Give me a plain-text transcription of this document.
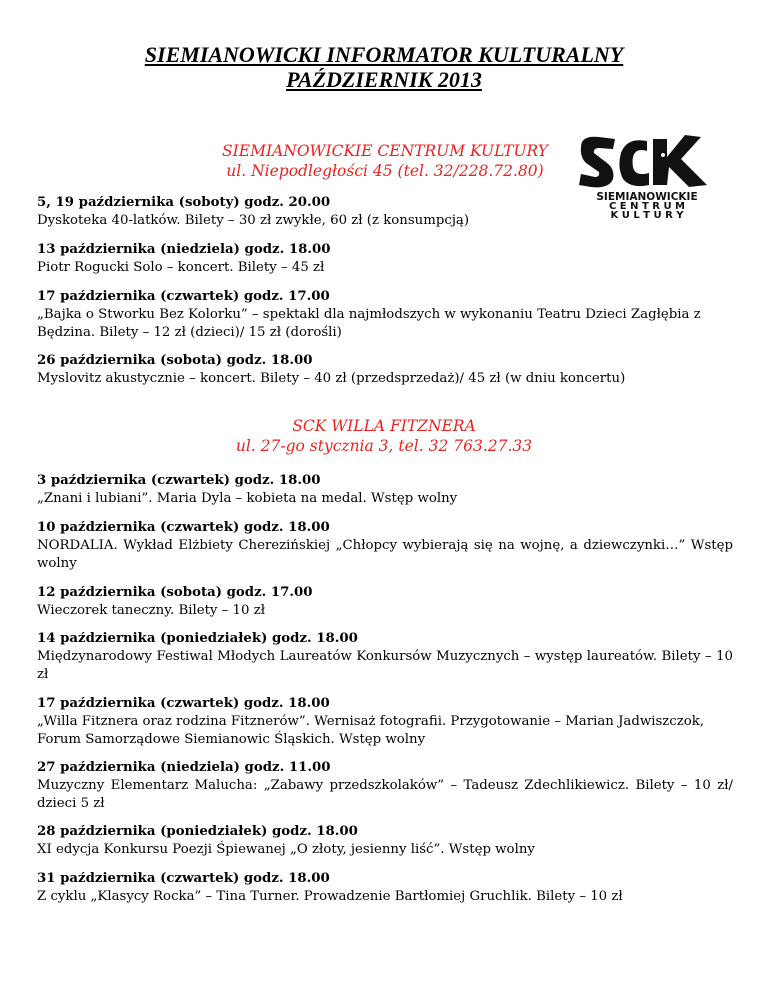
SIEMIANOWICKI INFORMATOR KULTURALNY
PAŹDZIERNIK 2013
SIEMIANOWICKIE CENTRUM KULTURY
ul. Niepodległości 45 (tel. 32/228.72.80)
SIEMIANOWICKIE
C E N T R U M
K U L T U R Y
5, 19 października (soboty) godz. 20.00
Dyskoteka 40-latków. Bilety – 30 zł zwykłe, 60 zł (z konsumpcją)
13 października (niedziela) godz. 18.00
Piotr Rogucki Solo – koncert. Bilety – 45 zł
17 października (czwartek) godz. 17.00
„Bajka o Stworku Bez Kolorku” – spektakl dla najmłodszych w wykonaniu Teatru Dzieci Zagłębia z Będzina. Bilety – 12 zł (dzieci)/ 15 zł (dorośli)
26 października (sobota) godz. 18.00
Myslovitz akustycznie – koncert. Bilety – 40 zł (przedsprzedaż)/ 45 zł (w dniu koncertu)
SCK WILLA FITZNERA
ul. 27-go stycznia 3, tel. 32 763.27.33
3 października (czwartek) godz. 18.00
„Znani i lubiani”. Maria Dyla – kobieta na medal. Wstęp wolny
10 października (czwartek) godz. 18.00
NORDALIA. Wykład Elżbiety Cherezińskiej „Chłopcy wybierają się na wojnę, a dziewczynki…” Wstęp wolny
12 października (sobota) godz. 17.00
Wieczorek taneczny. Bilety – 10 zł
14 października (poniedziałek) godz. 18.00
Międzynarodowy Festiwal Młodych Laureatów Konkursów Muzycznych – występ laureatów. Bilety – 10 zł
17 października (czwartek) godz. 18.00
„Willa Fitznera oraz rodzina Fitznerów”. Wernisaż fotografii. Przygotowanie – Marian Jadwiszczok, Forum Samorządowe Siemianowic Śląskich. Wstęp wolny
27 października (niedziela) godz. 11.00
Muzyczny Elementarz Malucha: „Zabawy przedszkolaków” – Tadeusz Zdechlikiewicz. Bilety – 10 zł/ dzieci 5 zł
28 października (poniedziałek) godz. 18.00
XI edycja Konkursu Poezji Śpiewanej „O złoty, jesienny liść”. Wstęp wolny
31 października (czwartek) godz. 18.00
Z cyklu „Klasycy Rocka” – Tina Turner. Prowadzenie Bartłomiej Gruchlik. Bilety – 10 zł
